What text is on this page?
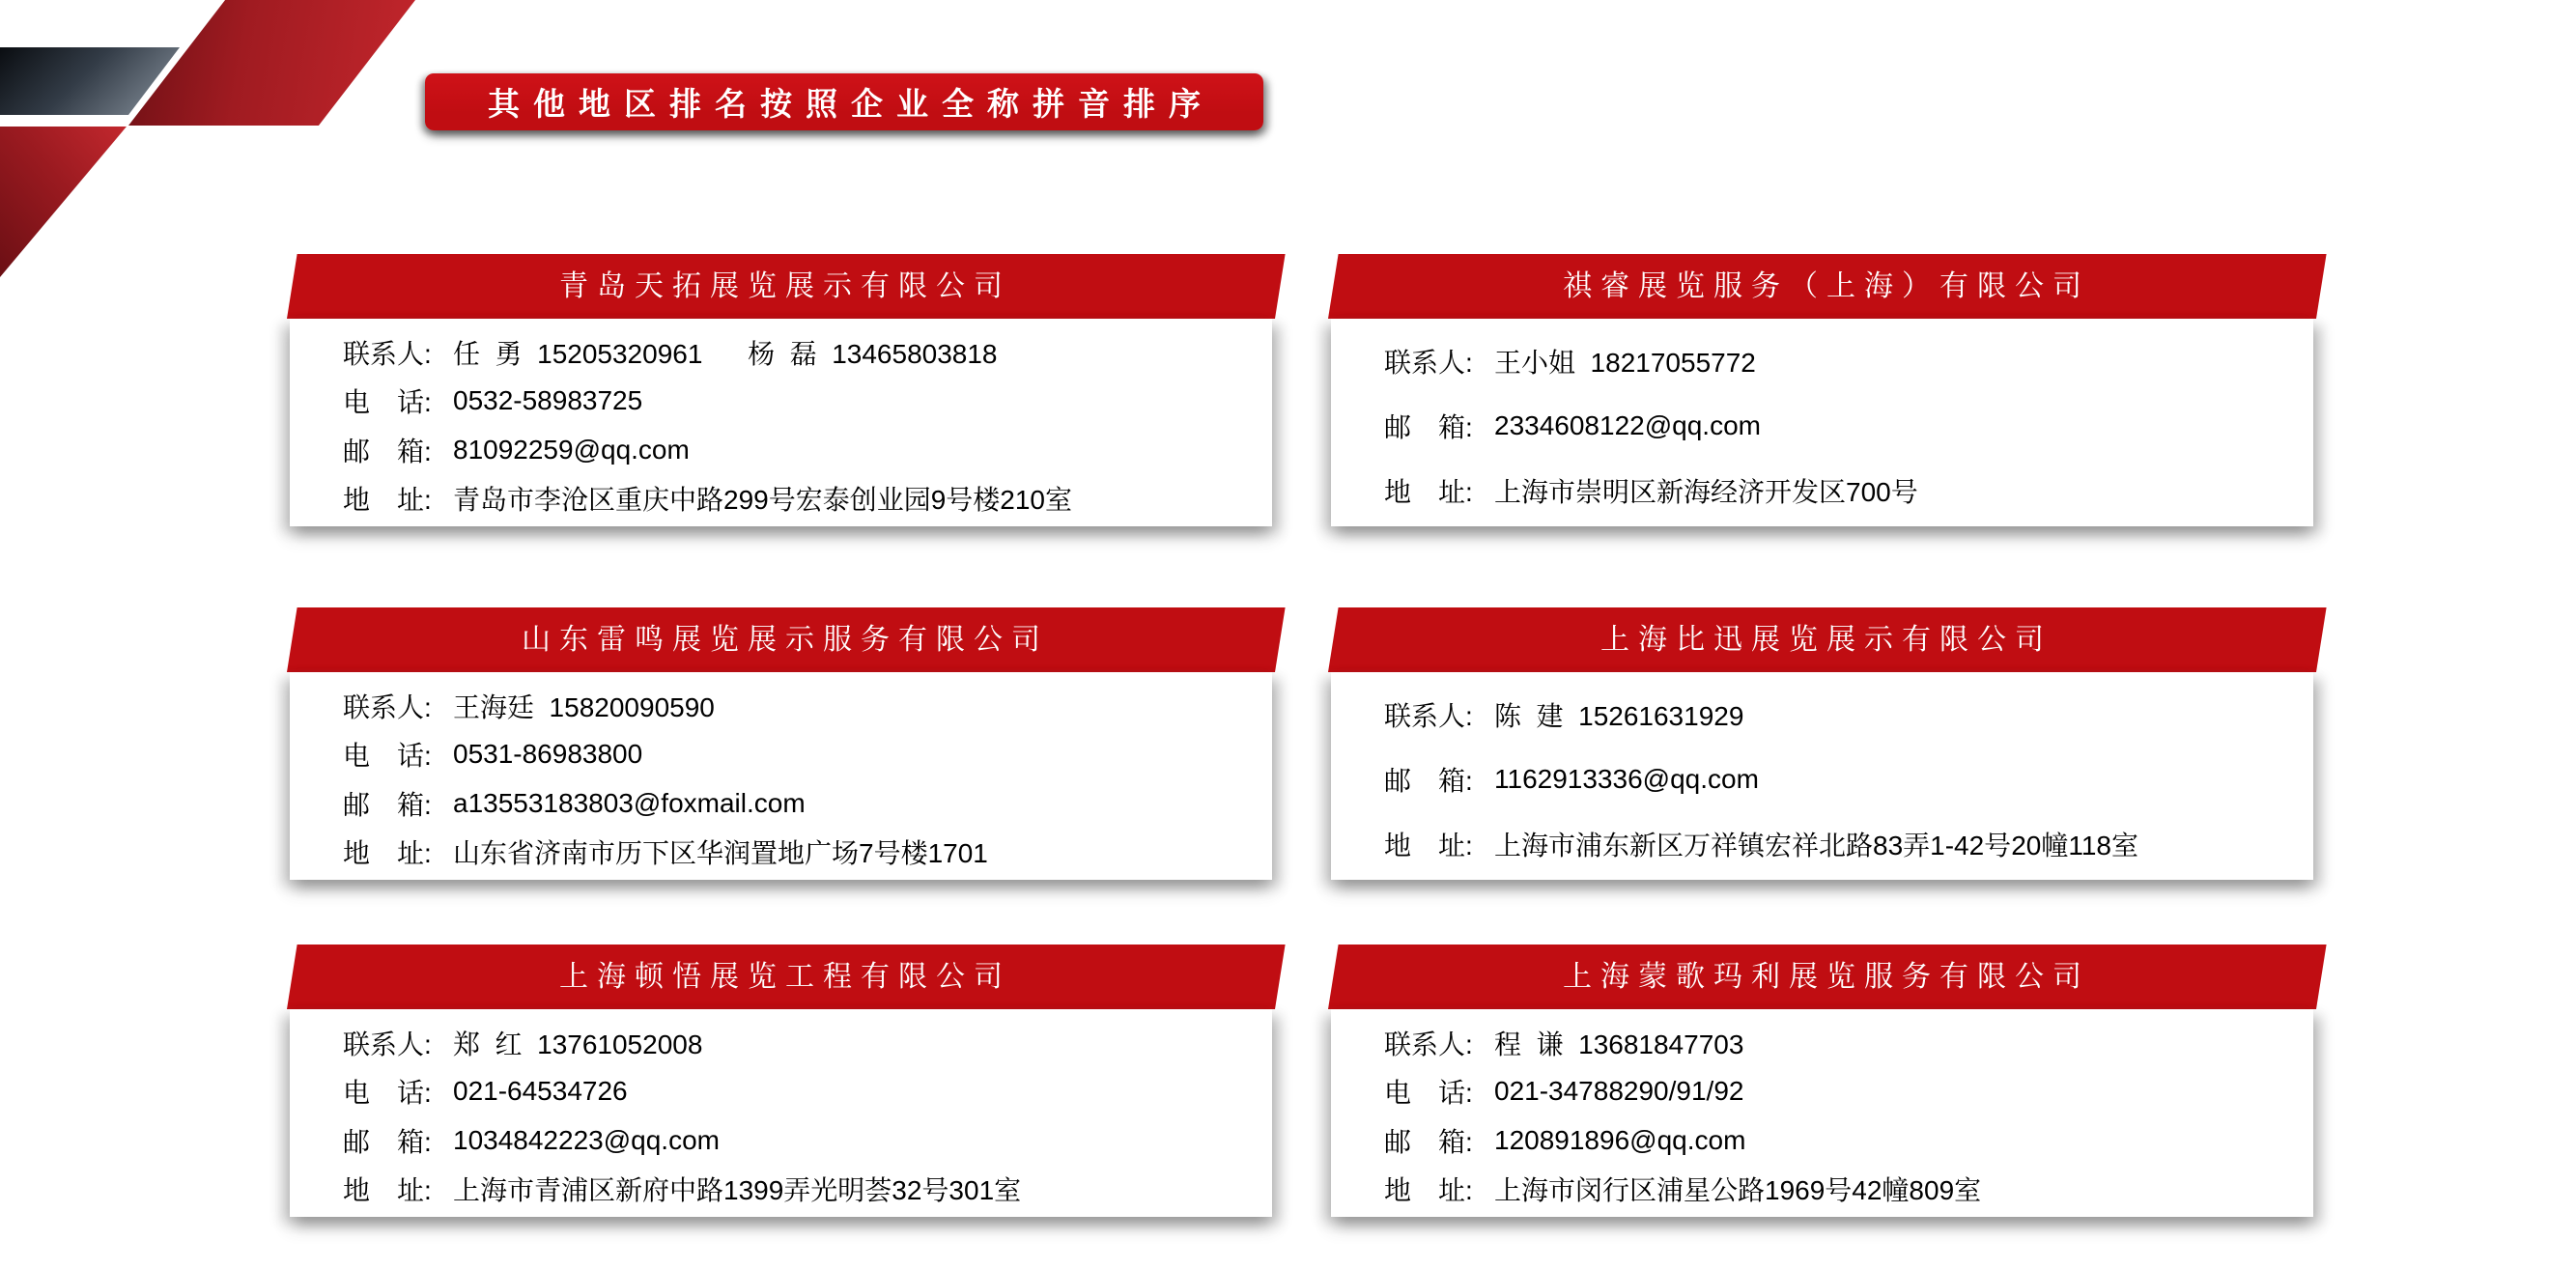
其他地区排名按照企业全称拼音排序
青岛天拓展览展示有限公司
联系人: 任  勇  15205320961      杨  磊  13465803818
电　话: 0532-58983725
邮　箱: 81092259@qq.com
地　址: 青岛市李沧区重庆中路299号宏泰创业园9号楼210室
祺睿展览服务（上海）有限公司
联系人: 王小姐  18217055772
邮　箱: 2334608122@qq.com
地　址: 上海市崇明区新海经济开发区700号
山东雷鸣展览展示服务有限公司
联系人: 王海廷  15820090590
电　话: 0531-86983800
邮　箱: a13553183803@foxmail.com
地　址: 山东省济南市历下区华润置地广场7号楼1701
上海比迅展览展示有限公司
联系人: 陈  建  15261631929
邮　箱: 1162913336@qq.com
地　址: 上海市浦东新区万祥镇宏祥北路83弄1-42号20幢118室
上海顿悟展览工程有限公司
联系人: 郑  红  13761052008
电　话: 021-64534726
邮　箱: 1034842223@qq.com
地　址: 上海市青浦区新府中路1399弄光明荟32号301室
上海蒙歌玛利展览服务有限公司
联系人: 程  谦  13681847703
电　话: 021-34788290/91/92
邮　箱: 120891896@qq.com
地　址: 上海市闵行区浦星公路1969号42幢809室
